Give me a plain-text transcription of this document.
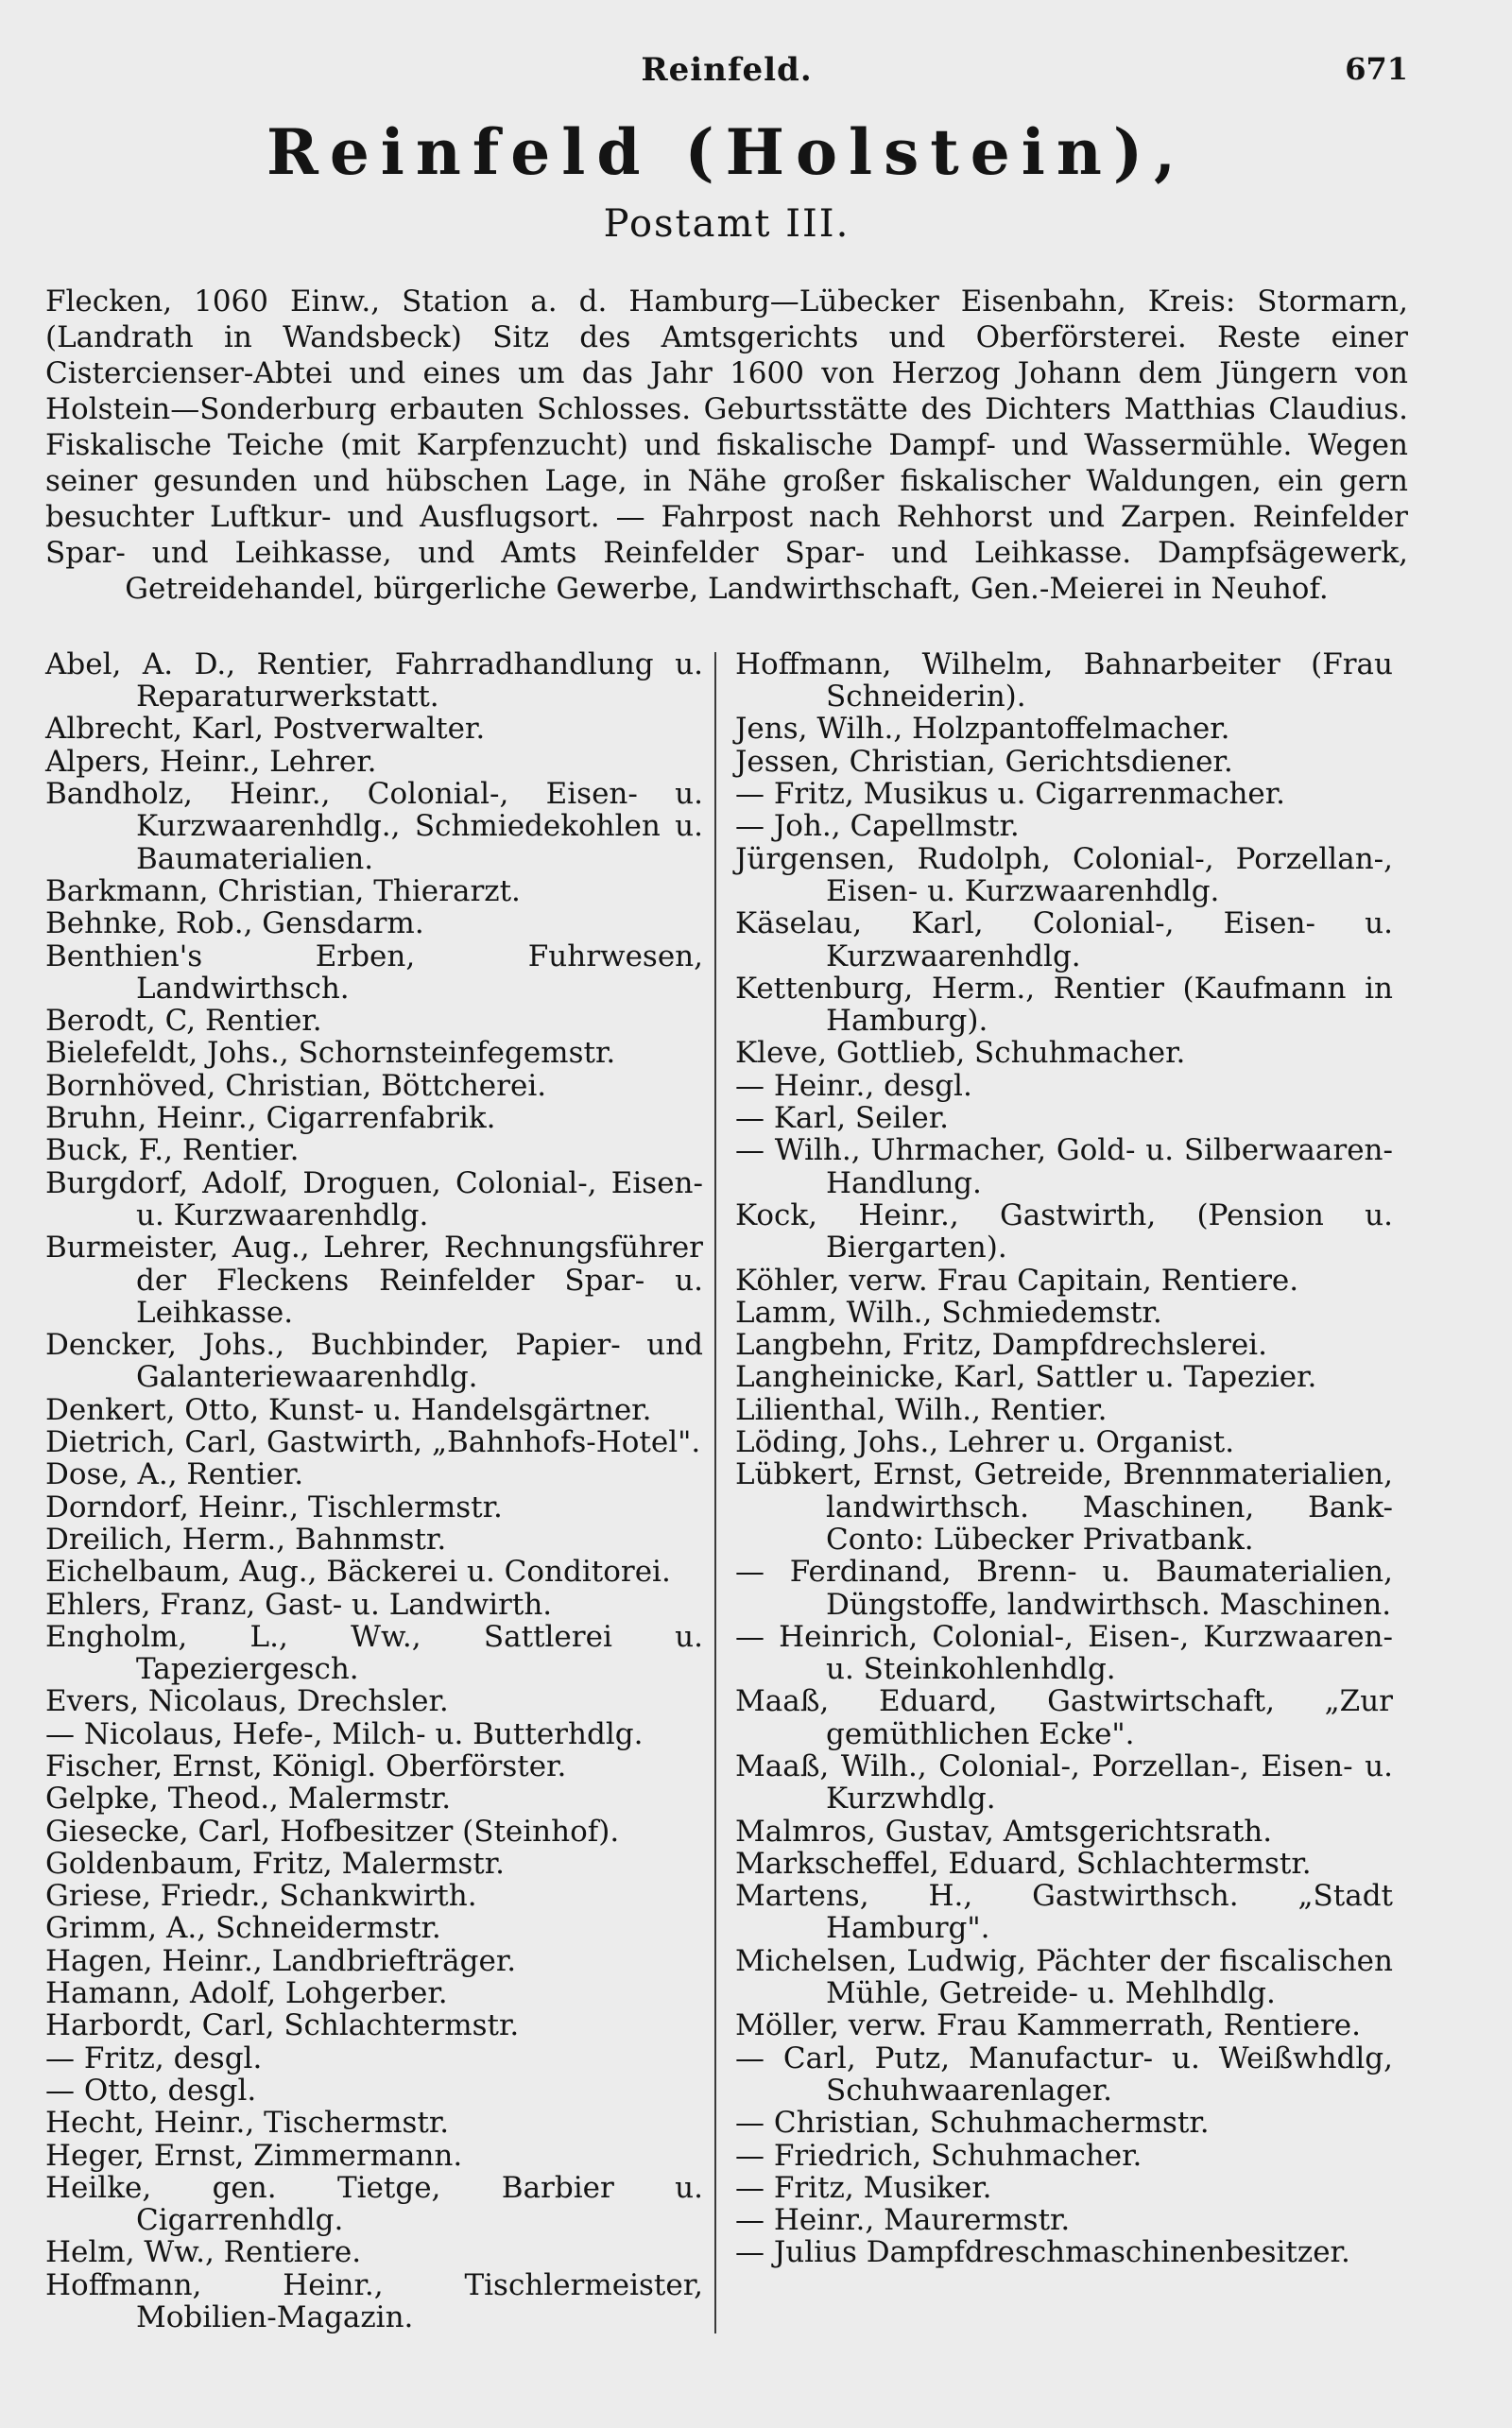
Reinfeld.	671
Reinfeld (Holstein),
Postamt III.

Flecken, 1060 Einw., Station a. d. Hamburg—Lübecker Eisenbahn, Kreis: Stormarn, (Landrath in Wandsbeck) Sitz des Amtsgerichts und Oberförsterei. Reste einer Cistercienser-Abtei und eines um das Jahr 1600 von Herzog Johann dem Jüngern von Holstein—Sonderburg erbauten Schlosses. Geburtsstätte des Dichters Matthias Claudius. Fiskalische Teiche (mit Karpfenzucht) und fiskalische Dampf- und Wassermühle. Wegen seiner gesunden und hübschen Lage, in Nähe großer fiskalischer Waldungen, ein gern besuchter Luftkur- und Ausflugsort. — Fahrpost nach Rehhorst und Zarpen. Reinfelder Spar- und Leihkasse, und Amts Reinfelder Spar- und Leihkasse. Dampfsägewerk, Getreidehandel, bürgerliche Gewerbe, Landwirthschaft, Gen.-Meierei in Neuhof.

Abel, A. D., Rentier, Fahrradhandlung u. Reparaturwerkstatt.

Albrecht, Karl, Postverwalter.

Alpers, Heinr., Lehrer.

Bandholz, Heinr., Colonial-, Eisen- u. Kurzwaarenhdlg., Schmiedekohlen u. Baumaterialien.

Barkmann, Christian, Thierarzt.

Behnke, Rob., Gensdarm.

Benthien's Erben, Fuhrwesen, Landwirthsch.

Berodt, C, Rentier.

Bielefeldt, Johs., Schornsteinfegemstr.

Bornhöved, Christian, Böttcherei.

Bruhn, Heinr., Cigarrenfabrik.

Buck, F., Rentier.

Burgdorf, Adolf, Droguen, Colonial-, Eisen- u. Kurzwaarenhdlg.

Burmeister, Aug., Lehrer, Rechnungsführer der Fleckens Reinfelder Spar- u. Leihkasse.

Dencker, Johs., Buchbinder, Papier- und Galanteriewaarenhdlg.

Denkert, Otto, Kunst- u. Handelsgärtner.

Dietrich, Carl, Gastwirth, „Bahnhofs-Hotel".

Dose, A., Rentier.

Dorndorf, Heinr., Tischlermstr.

Dreilich, Herm., Bahnmstr.

Eichelbaum, Aug., Bäckerei u. Conditorei.

Ehlers, Franz, Gast- u. Landwirth.

Engholm, L., Ww., Sattlerei u. Tapeziergesch.

Evers, Nicolaus, Drechsler.

— Nicolaus, Hefe-, Milch- u. Butterhdlg.

Fischer, Ernst, Königl. Oberförster.

Gelpke, Theod., Malermstr.

Giesecke, Carl, Hofbesitzer (Steinhof).

Goldenbaum, Fritz, Malermstr.

Griese, Friedr., Schankwirth.

Grimm, A., Schneidermstr.

Hagen, Heinr., Landbriefträger.

Hamann, Adolf, Lohgerber.

Harbordt, Carl, Schlachtermstr.

— Fritz, desgl.

— Otto, desgl.

Hecht, Heinr., Tischermstr.

Heger, Ernst, Zimmermann.

Heilke, gen. Tietge, Barbier u. Cigarrenhdlg.

Helm, Ww., Rentiere.

Hoffmann, Heinr., Tischlermeister, Mobilien-Magazin.

Hoffmann, Wilhelm, Bahnarbeiter (Frau Schneiderin).

Jens, Wilh., Holzpantoffelmacher.

Jessen, Christian, Gerichtsdiener.

— Fritz, Musikus u. Cigarrenmacher.

— Joh., Capellmstr.

Jürgensen, Rudolph, Colonial-, Porzellan-, Eisen- u. Kurzwaarenhdlg.

Käselau, Karl, Colonial-, Eisen- u. Kurzwaarenhdlg.

Kettenburg, Herm., Rentier (Kaufmann in Hamburg).

Kleve, Gottlieb, Schuhmacher.

— Heinr., desgl.

— Karl, Seiler.

— Wilh., Uhrmacher, Gold- u. Silberwaaren-Handlung.

Kock, Heinr., Gastwirth, (Pension u. Biergarten).

Köhler, verw. Frau Capitain, Rentiere.

Lamm, Wilh., Schmiedemstr.

Langbehn, Fritz, Dampfdrechslerei.

Langheinicke, Karl, Sattler u. Tapezier.

Lilienthal, Wilh., Rentier.

Löding, Johs., Lehrer u. Organist.

Lübkert, Ernst, Getreide, Brennmaterialien, landwirthsch. Maschinen, Bank-Conto: Lübecker Privatbank.

— Ferdinand, Brenn- u. Baumaterialien, Düngstoffe, landwirthsch. Maschinen.

— Heinrich, Colonial-, Eisen-, Kurzwaaren- u. Steinkohlenhdlg.

Maaß, Eduard, Gastwirtschaft, „Zur gemüthlichen Ecke".

Maaß, Wilh., Colonial-, Porzellan-, Eisen- u. Kurzwhdlg.

Malmros, Gustav, Amtsgerichtsrath.

Markscheffel, Eduard, Schlachtermstr.

Martens, H., Gastwirthsch. „Stadt Hamburg".

Michelsen, Ludwig, Pächter der fiscalischen Mühle, Getreide- u. Mehlhdlg.

Möller, verw. Frau Kammerrath, Rentiere.

— Carl, Putz, Manufactur- u. Weißwhdlg, Schuhwaarenlager.

— Christian, Schuhmachermstr.

— Friedrich, Schuhmacher.

— Fritz, Musiker.

— Heinr., Maurermstr.

— Julius Dampfdreschmaschinenbesitzer.
